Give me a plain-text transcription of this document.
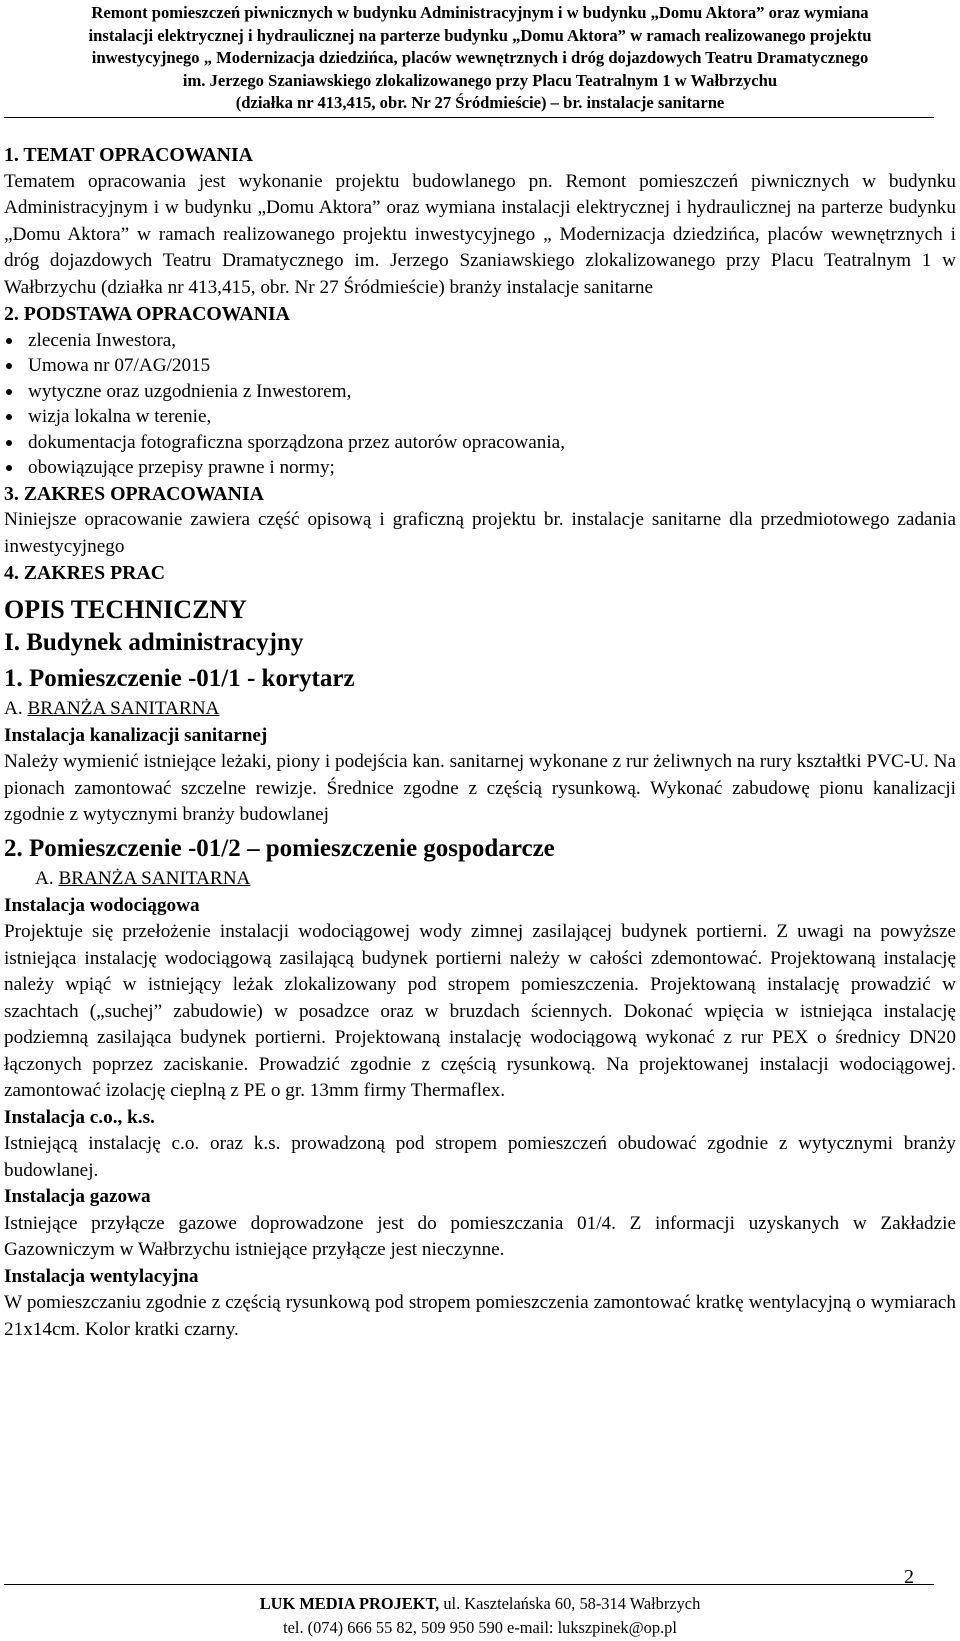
Remont pomieszczeń piwnicznych w budynku Administracyjnym i w budynku „Domu Aktora” oraz wymiana
instalacji elektrycznej i hydraulicznej na parterze budynku „Domu Aktora” w ramach realizowanego projektu
inwestycyjnego „ Modernizacja dziedzińca, placów wewnętrznych i dróg dojazdowych Teatru Dramatycznego
im. Jerzego Szaniawskiego zlokalizowanego przy Placu Teatralnym 1 w Wałbrzychu
(działka nr 413,415, obr. Nr 27 Śródmieście) – br. instalacje sanitarne
1. TEMAT OPRACOWANIA

Tematem opracowania jest wykonanie projektu budowlanego pn. Remont pomieszczeń piwnicznych w budynku Administracyjnym i w budynku „Domu Aktora” oraz wymiana instalacji elektrycznej i hydraulicznej na parterze budynku „Domu Aktora” w ramach realizowanego projektu inwestycyjnego „ Modernizacja dziedzińca, placów wewnętrznych i dróg dojazdowych Teatru Dramatycznego im. Jerzego Szaniawskiego zlokalizowanego przy Placu Teatralnym 1 w Wałbrzychu (działka nr 413,415, obr. Nr 27 Śródmieście) branży instalacje sanitarne

2. PODSTAWA OPRACOWANIA
zlecenia Inwestora,
Umowa nr 07/AG/2015
wytyczne oraz uzgodnienia z Inwestorem,
wizja lokalna w terenie,
dokumentacja fotograficzna sporządzona przez autorów opracowania,
obowiązujące przepisy prawne i normy;
3. ZAKRES OPRACOWANIA

Niniejsze opracowanie zawiera część opisową i graficzną projektu br. instalacje sanitarne dla przedmiotowego zadania inwestycyjnego

4. ZAKRES PRAC
OPIS TECHNICZNY
I. Budynek administracyjny
1. Pomieszczenie -01/1 - korytarz
A. BRANŻA SANITARNA
Instalacja kanalizacji sanitarnej

Należy wymienić istniejące leżaki, piony i podejścia kan. sanitarnej wykonane z rur żeliwnych na rury kształtki PVC-U. Na pionach zamontować szczelne rewizje. Średnice zgodne z częścią rysunkową. Wykonać zabudowę pionu kanalizacji zgodnie z wytycznymi branży budowlanej

2. Pomieszczenie -01/2 – pomieszczenie gospodarcze
A. BRANŻA SANITARNA
Instalacja wodociągowa

Projektuje się przełożenie instalacji wodociągowej wody zimnej zasilającej budynek portierni. Z uwagi na powyższe istniejąca instalację wodociągową zasilającą budynek portierni należy w całości zdemontować. Projektowaną instalację należy wpiąć w istniejący leżak zlokalizowany pod stropem pomieszczenia. Projektowaną instalację prowadzić w szachtach („suchej” zabudowie) w posadzce oraz w bruzdach ściennych. Dokonać wpięcia w istniejąca instalację podziemną zasilająca budynek portierni. Projektowaną instalację wodociągową wykonać z rur PEX o średnicy DN20 łączonych poprzez zaciskanie. Prowadzić zgodnie z częścią rysunkową. Na projektowanej instalacji wodociągowej. zamontować izolację cieplną z PE o gr. 13mm firmy Thermaflex.

Instalacja c.o., k.s.

Istniejącą instalację c.o. oraz k.s. prowadzoną pod stropem pomieszczeń obudować zgodnie z wytycznymi branży budowlanej.

Instalacja gazowa

Istniejące przyłącze gazowe doprowadzone jest do pomieszczania 01/4. Z informacji uzyskanych w Zakładzie Gazowniczym w Wałbrzychu istniejące przyłącze jest nieczynne.

Instalacja wentylacyjna

W pomieszczaniu zgodnie z częścią rysunkową pod stropem pomieszczenia zamontować kratkę wentylacyjną o wymiarach 21x14cm. Kolor kratki czarny.

2
LUK MEDIA PROJEKT, ul. Kasztelańska 60, 58-314 Wałbrzych
tel. (074) 666 55 82, 509 950 590 e-mail: lukszpinek@op.pl
